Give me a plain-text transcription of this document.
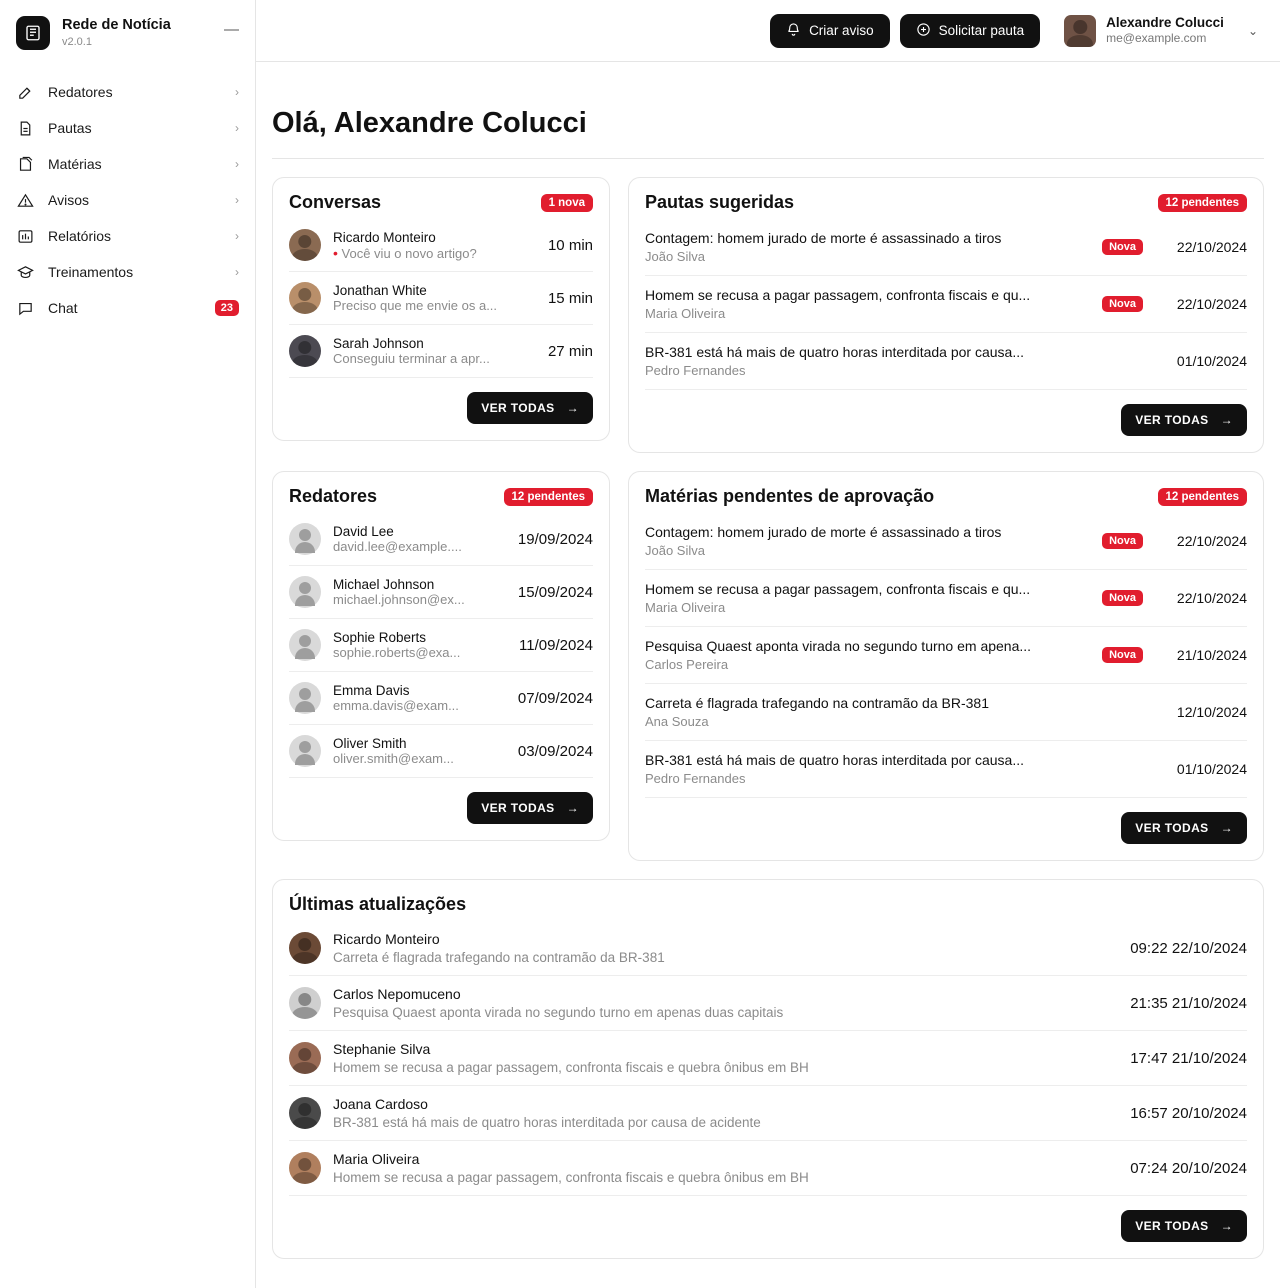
Rede de Notícia
v2.0.1
—
Redatores	›
Pautas	›
Matérias	›
Avisos	›
Relatórios	›
Treinamentos	›
Chat	23
Criar aviso	Solicitar pauta
Alexandre Colucci
me@example.com
⌄
Olá, Alexandre Colucci
Conversas	1 nova
Ricardo Monteiro
• Você viu o novo artigo?	10 min
Jonathan White
Preciso que me envie os a...	15 min
Sarah Johnson
Conseguiu terminar a apr...	27 min
VER TODAS →
Pautas sugeridas	12 pendentes
Contagem: homem jurado de morte é assassinado a tiros
João Silva
Nova	22/10/2024
Homem se recusa a pagar passagem, confronta fiscais e qu...
Maria Oliveira
Nova	22/10/2024
BR-381 está há mais de quatro horas interditada por causa...
Pedro Fernandes
01/10/2024
VER TODAS →
Redatores	12 pendentes
David Lee
david.lee@example....	19/09/2024
Michael Johnson
michael.johnson@ex...	15/09/2024
Sophie Roberts
sophie.roberts@exa...	11/09/2024
Emma Davis
emma.davis@exam...	07/09/2024
Oliver Smith
oliver.smith@exam...	03/09/2024
VER TODAS →
Matérias pendentes de aprovação	12 pendentes
Contagem: homem jurado de morte é assassinado a tiros
João Silva
Nova	22/10/2024
Homem se recusa a pagar passagem, confronta fiscais e qu...
Maria Oliveira
Nova	22/10/2024
Pesquisa Quaest aponta virada no segundo turno em apena...
Carlos Pereira
Nova	21/10/2024
Carreta é flagrada trafegando na contramão da BR-381
Ana Souza
12/10/2024
BR-381 está há mais de quatro horas interditada por causa...
Pedro Fernandes
01/10/2024
VER TODAS →
Últimas atualizações
Ricardo Monteiro
Carreta é flagrada trafegando na contramão da BR-381
09:22 22/10/2024
Carlos Nepomuceno
Pesquisa Quaest aponta virada no segundo turno em apenas duas capitais
21:35 21/10/2024
Stephanie Silva
Homem se recusa a pagar passagem, confronta fiscais e quebra ônibus em BH
17:47 21/10/2024
Joana Cardoso
BR-381 está há mais de quatro horas interditada por causa de acidente
16:57 20/10/2024
Maria Oliveira
Homem se recusa a pagar passagem, confronta fiscais e quebra ônibus em BH
07:24 20/10/2024
VER TODAS →
